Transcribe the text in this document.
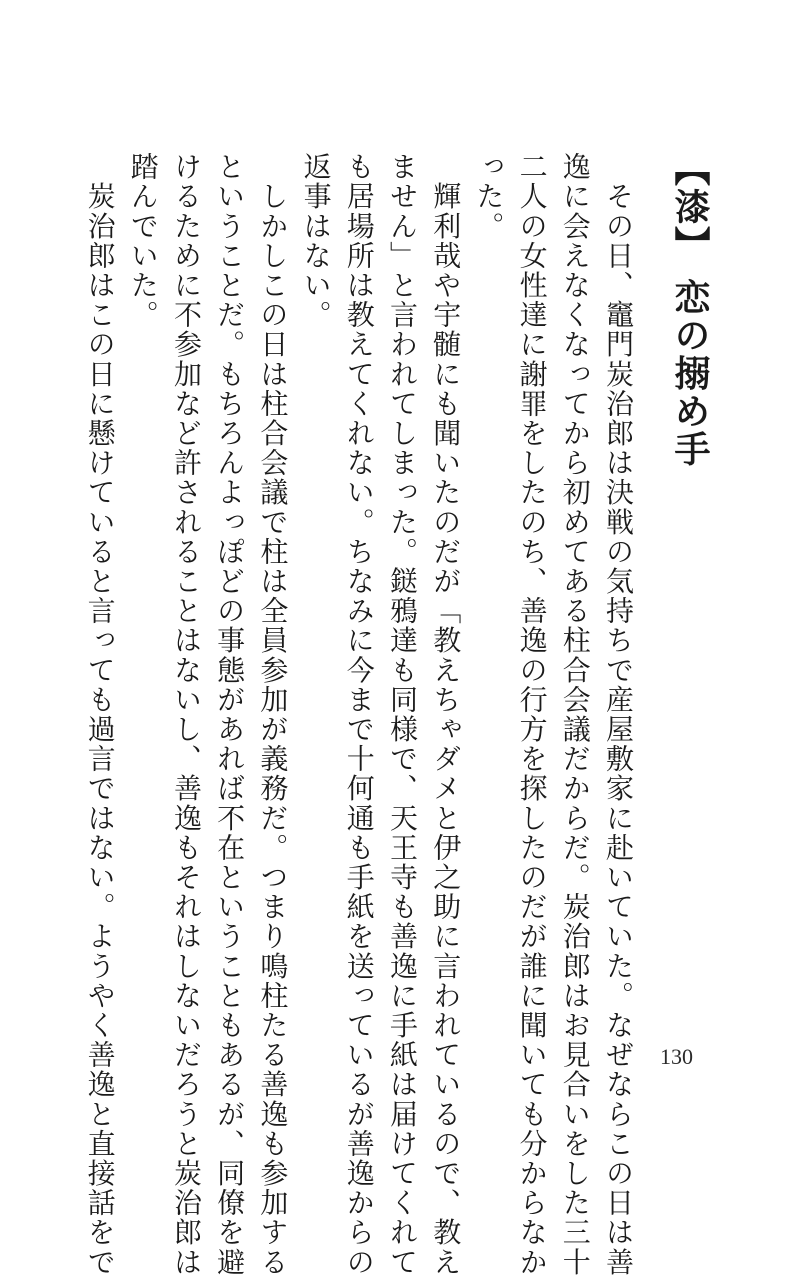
【漆】 恋の搦め手
　その日、竈門炭治郎は決戦の気持ちで産屋敷家に赴いていた。なぜならこの日は善
逸に会えなくなってから初めてある柱合会議だからだ。炭治郎はお見合いをした三十
二人の女性達に謝罪をしたのち、善逸の行方を探したのだが誰に聞いても分からなか
った。
　輝利哉や宇髄にも聞いたのだが「教えちゃダメと伊之助に言われているので、教え
ません」と言われてしまった。鎹鴉達も同様で、天王寺も善逸に手紙は届けてくれて
も居場所は教えてくれない。ちなみに今まで十何通も手紙を送っているが善逸からの
返事はない。
　しかしこの日は柱合会議で柱は全員参加が義務だ。つまり鳴柱たる善逸も参加する
ということだ。もちろんよっぽどの事態があれば不在ということもあるが、同僚を避
けるために不参加など許されることはないし、善逸もそれはしないだろうと炭治郎は
踏んでいた。
　炭治郎はこの日に懸けていると言っても過言ではない。ようやく善逸と直接話をで	130
